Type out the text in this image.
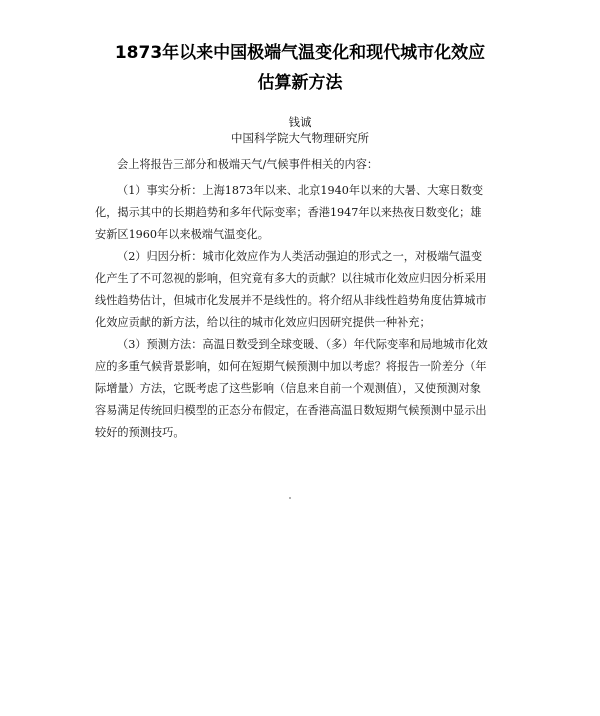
1873年以来中国极端气温变化和现代城市化效应
估算新方法
钱诚
中国科学院大气物理研究所

会上将报告三部分和极端天气/气候事件相关的内容：

（1）事实分析：上海1873年以来、北京1940年以来的大暑、大寒日数变
化，揭示其中的长期趋势和多年代际变率；香港1947年以来热夜日数变化；雄
安新区1960年以来极端气温变化。

（2）归因分析：城市化效应作为人类活动强迫的形式之一，对极端气温变
化产生了不可忽视的影响，但究竟有多大的贡献？以往城市化效应归因分析采用
线性趋势估计，但城市化发展并不是线性的。将介绍从非线性趋势角度估算城市
化效应贡献的新方法，给以往的城市化效应归因研究提供一种补充；

（3）预测方法：高温日数受到全球变暖、（多）年代际变率和局地城市化效
应的多重气候背景影响，如何在短期气候预测中加以考虑？将报告一阶差分（年
际增量）方法，它既考虑了这些影响（信息来自前一个观测值），又使预测对象
容易满足传统回归模型的正态分布假定，在香港高温日数短期气候预测中显示出
较好的预测技巧。
